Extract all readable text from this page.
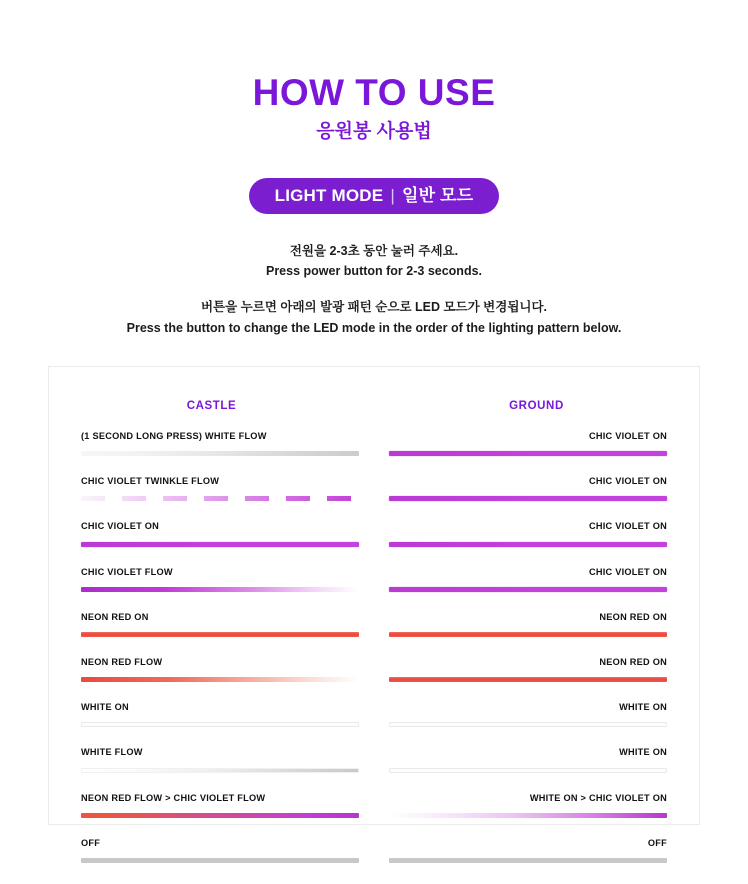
HOW TO USE

응원봉 사용법

LIGHT MODE | 일반 모드
전원을 2-3초 동안 눌러 주세요.
Press power button for 2-3 seconds.
버튼을 누르면 아래의 발광 패턴 순으로 LED 모드가 변경됩니다.
Press the button to change the LED mode in the order of the lighting pattern below.
CASTLE	GROUND
(1 SECOND LONG PRESS) WHITE FLOW	CHIC VIOLET ON
CHIC VIOLET TWINKLE FLOW	CHIC VIOLET ON
CHIC VIOLET ON	CHIC VIOLET ON
CHIC VIOLET FLOW	CHIC VIOLET ON
NEON RED ON	NEON RED ON
NEON RED FLOW	NEON RED ON
WHITE ON	WHITE ON
WHITE FLOW	WHITE ON
NEON RED FLOW > CHIC VIOLET FLOW	WHITE ON > CHIC VIOLET ON
OFF	OFF
